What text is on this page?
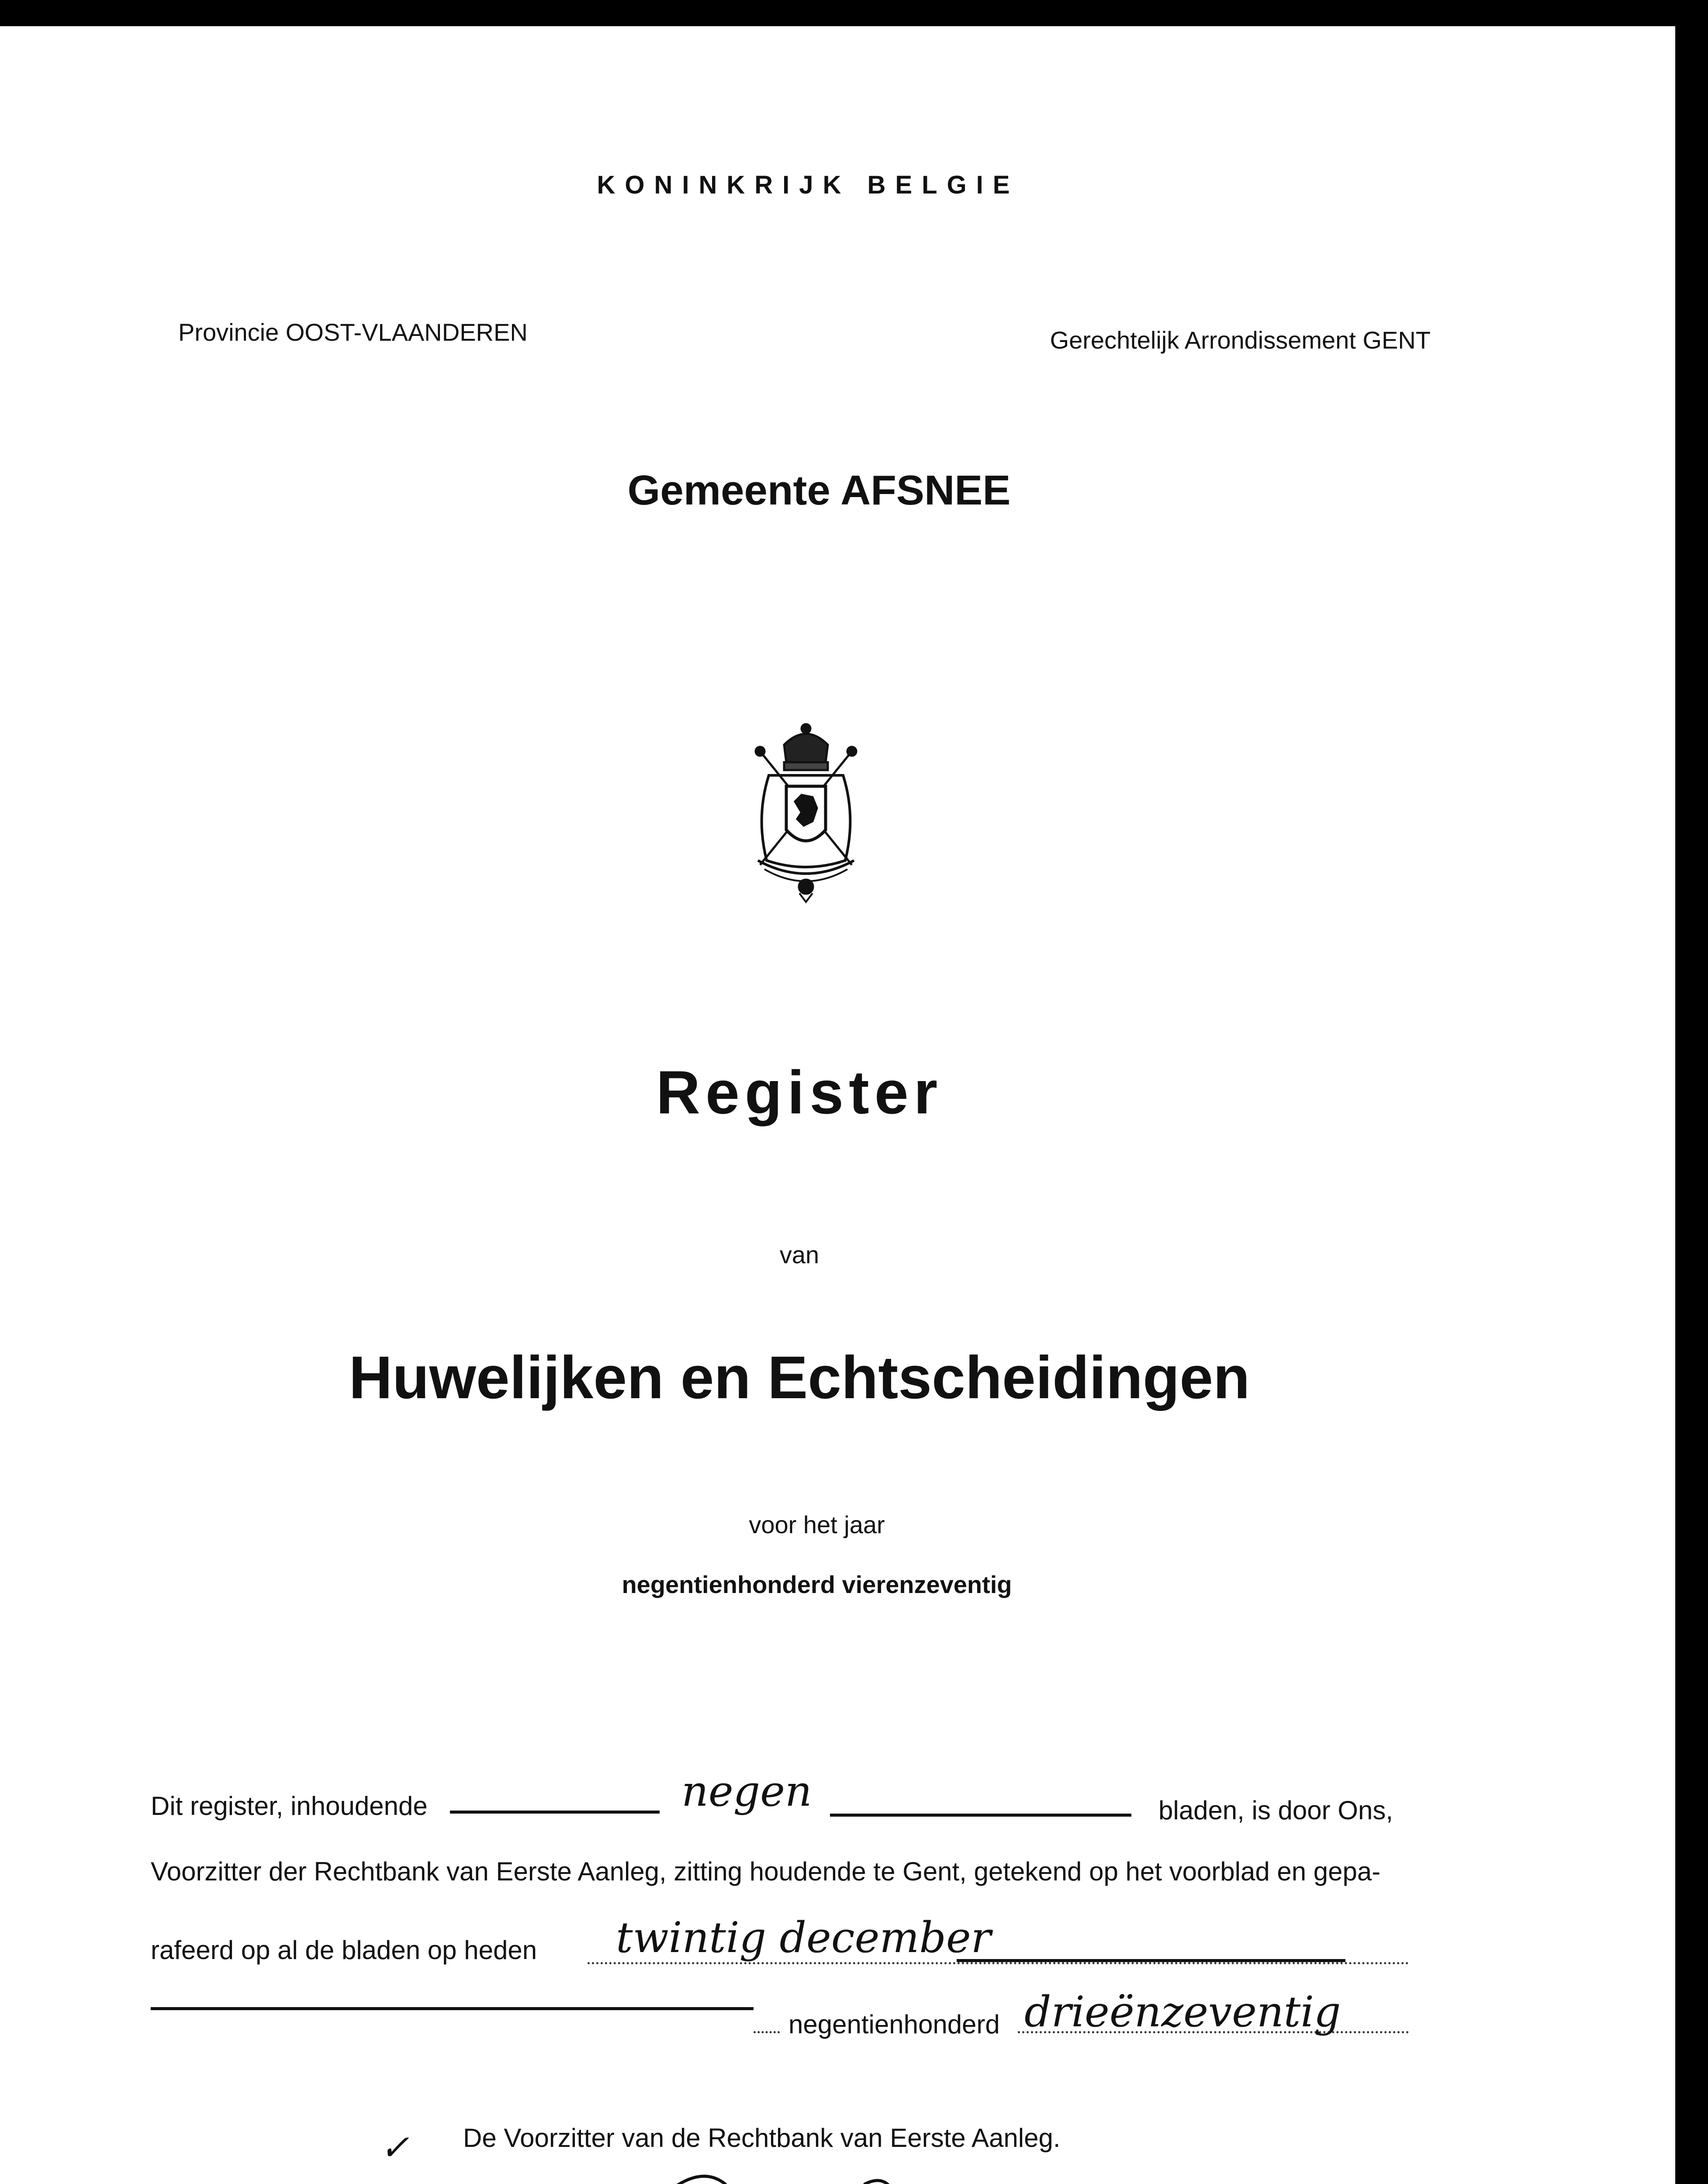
KONINKRIJK BELGIE
Provincie OOST-VLAANDEREN	Gerechtelijk Arrondissement GENT
Gemeente AFSNEE
Register
van
Huwelijken en Echtscheidingen
voor het jaar
negentienhonderd vierenzeventig
Dit register, inhoudende	negen	bladen, is door Ons,
Voorzitter der Rechtbank van Eerste Aanleg, zitting houdende te Gent, getekend op het voorblad en gepa-
rafeerd op al de bladen op heden twintig december
negentienhonderd drieënzeventig
✓ De Voorzitter van de Rechtbank van Eerste Aanleg.
